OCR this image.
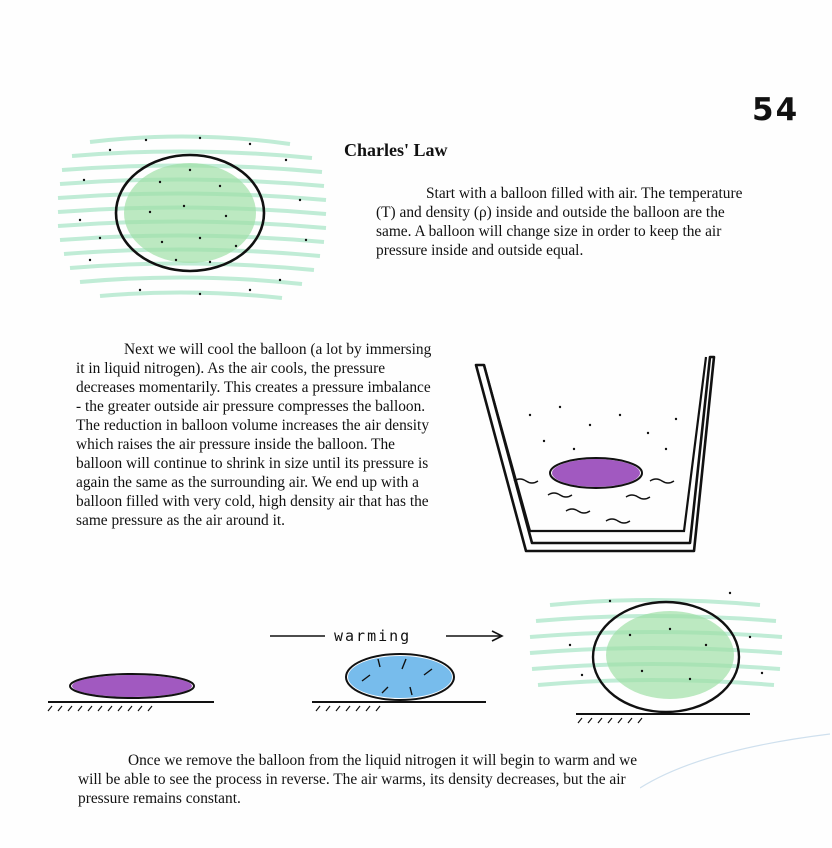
54
Charles' Law

Start with a balloon filled with air. The temperature (T) and density (ρ) inside and outside the balloon are the same. A balloon will change size in order to keep the air pressure inside and outside equal.

Next we will cool the balloon (a lot by immersing it in liquid nitrogen). As the air cools, the pressure decreases momentarily. This creates a pressure imbalance - the greater outside air pressure compresses the balloon. The reduction in balloon volume increases the air density which raises the air pressure inside the balloon. The balloon will continue to shrink in size until its pressure is again the same as the surrounding air. We end up with a balloon filled with very cold, high density air that has the same pressure as the air around it.

warming

Once we remove the balloon from the liquid nitrogen it will begin to warm and we will be able to see the process in reverse. The air warms, its density decreases, but the air pressure remains constant.
